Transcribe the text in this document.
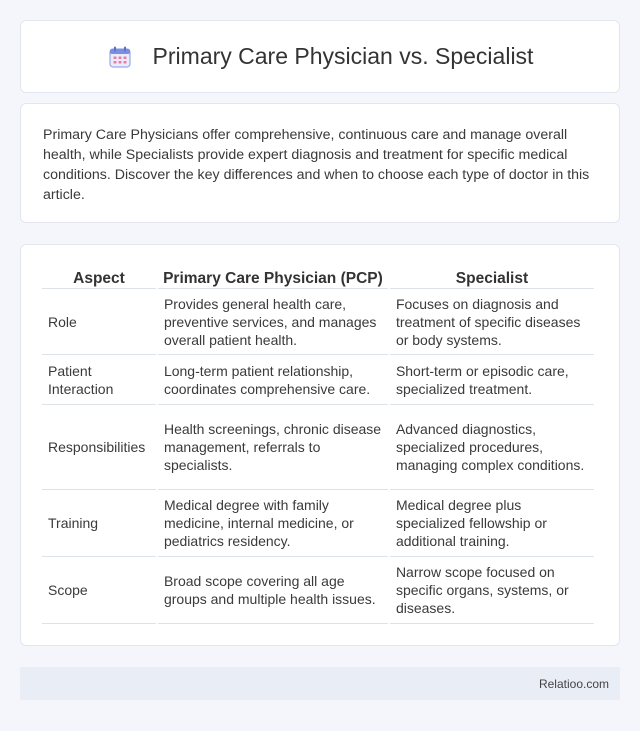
Primary Care Physician vs. Specialist

Primary Care Physicians offer comprehensive, continuous care and manage overall health, while Specialists provide expert diagnosis and treatment for specific medical conditions. Discover the key differences and when to choose each type of doctor in this article.

Aspect	Primary Care Physician (PCP)	Specialist
Role	Provides general health care, preventive services, and manages overall patient health.	Focuses on diagnosis and treatment of specific diseases or body systems.
Patient Interaction	Long-term patient relationship, coordinates comprehensive care.	Short-term or episodic care, specialized treatment.
Responsibilities	Health screenings, chronic disease management, referrals to specialists.	Advanced diagnostics, specialized procedures, managing complex conditions.
Training	Medical degree with family medicine, internal medicine, or pediatrics residency.	Medical degree plus specialized fellowship or additional training.
Scope	Broad scope covering all age groups and multiple health issues.	Narrow scope focused on specific organs, systems, or diseases.
Relatioo.com
